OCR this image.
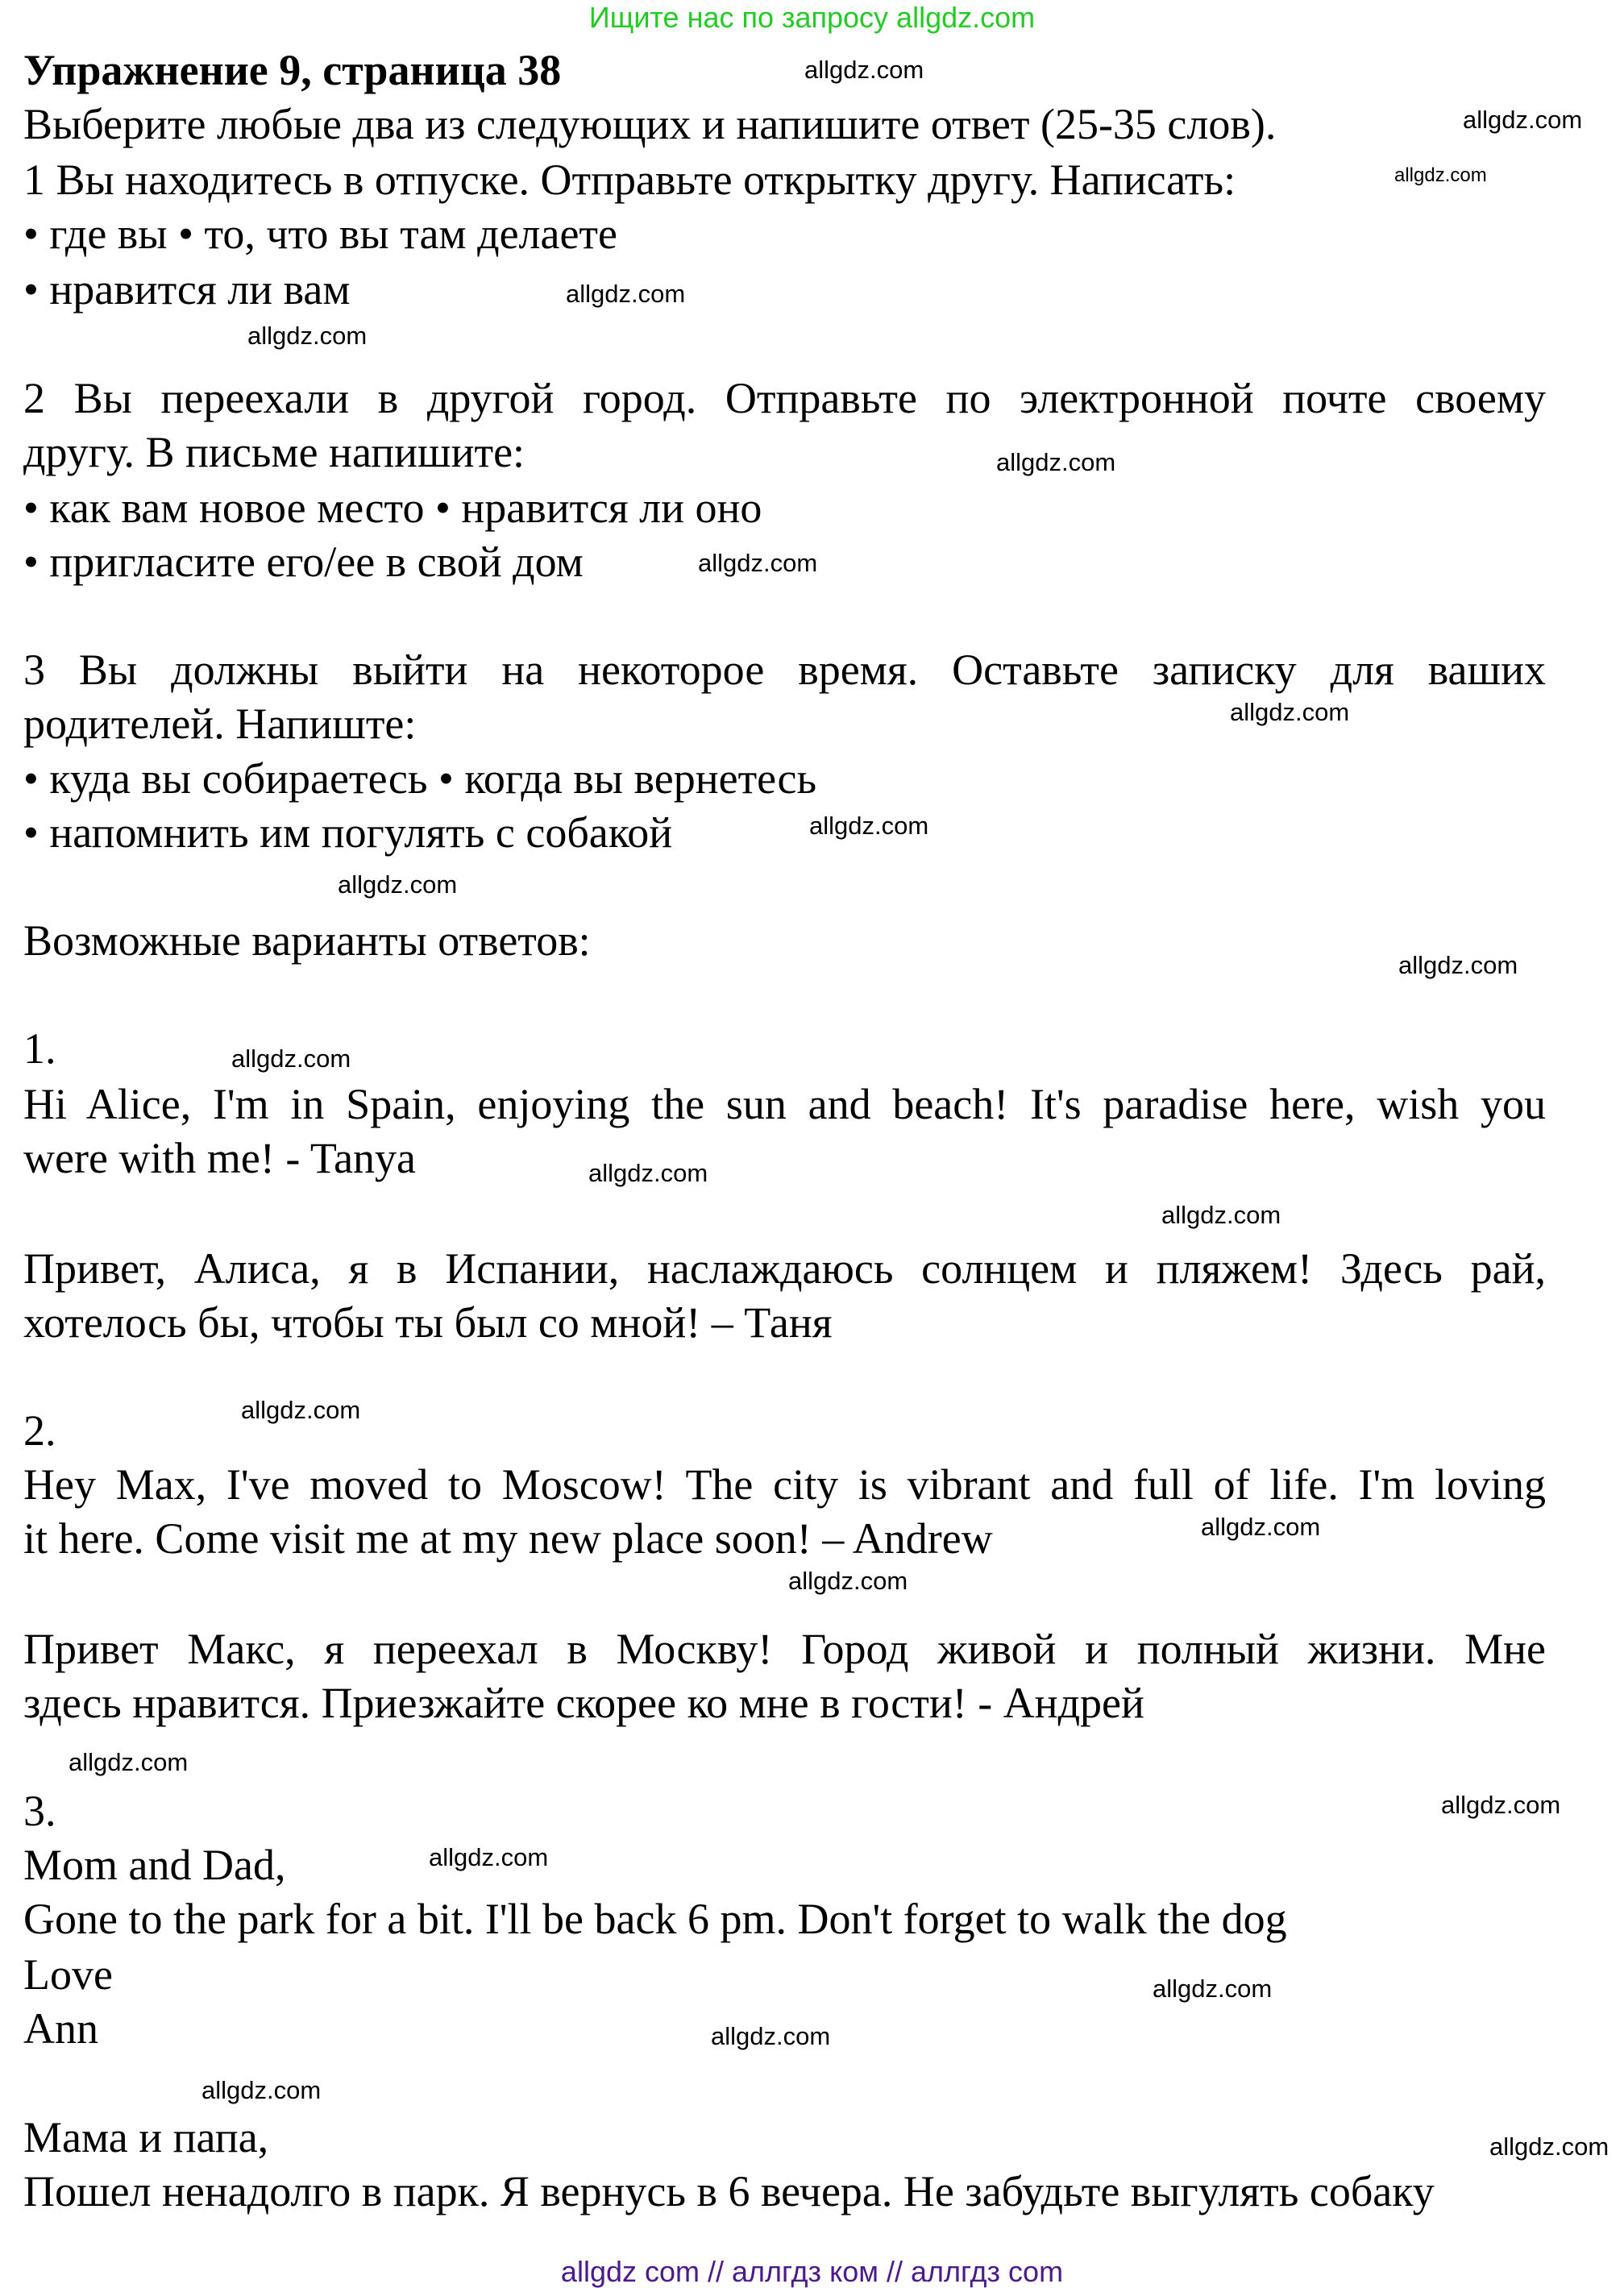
Ищите нас по запросу allgdz.com
Упражнение 9, страница 38
Выберите любые два из следующих и напишите ответ (25-35 слов).
1 Вы находитесь в отпуске. Отправьте открытку другу. Написать:
• где вы • то, что вы там делаете
• нравится ли вам
2 Вы переехали в другой город. Отправьте по электронной почте своему
другу. В письме напишите:
• как вам новое место • нравится ли оно
• пригласите его/ее в свой дом
3 Вы должны выйти на некоторое время. Оставьте записку для ваших
родителей. Напиште:
• куда вы собираетесь • когда вы вернетесь
• напомнить им погулять с собакой
Возможные варианты ответов:
1.
Hi Alice, I'm in Spain, enjoying the sun and beach! It's paradise here, wish you
were with me! - Tanya
Привет, Алиса, я в Испании, наслаждаюсь солнцем и пляжем! Здесь рай,
хотелось бы, чтобы ты был со мной! – Таня
2.
Hey Max, I've moved to Moscow! The city is vibrant and full of life. I'm loving
it here. Come visit me at my new place soon! – Andrew
Привет Макс, я переехал в Москву! Город живой и полный жизни. Мне
здесь нравится. Приезжайте скорее ко мне в гости! - Андрей
3.
Mom and Dad,
Gone to the park for a bit. I'll be back 6 pm. Don't forget to walk the dog
Love
Ann
Мама и папа,
Пошел ненадолго в парк. Я вернусь в 6 вечера. Не забудьте выгулять собаку
allgdz.com
allgdz.com
allgdz.com
allgdz.com
allgdz.com
allgdz.com
allgdz.com
allgdz.com
allgdz.com
allgdz.com
allgdz.com
allgdz.com
allgdz.com
allgdz.com
allgdz.com
allgdz.com
allgdz.com
allgdz.com
allgdz.com
allgdz.com
allgdz.com
allgdz.com
allgdz.com
allgdz.com
allgdz com // аллгдз ком // аллгдз com
